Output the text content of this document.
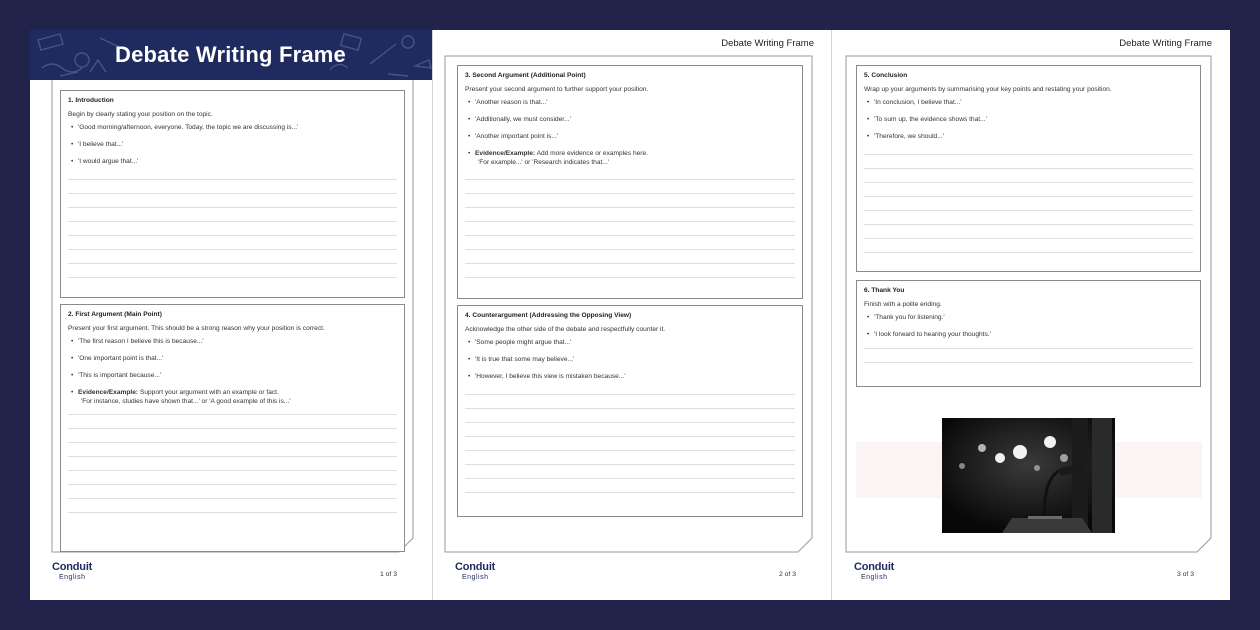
Debate Writing Frame
1. Introduction
Begin by clearly stating your position on the topic.
• 'Good morning/afternoon, everyone. Today, the topic we are discussing is...'
• 'I believe that...'
• 'I would argue that...'
2. First Argument (Main Point)
Present your first argument. This should be a strong reason why your position is correct.
• 'The first reason I believe this is because...'
• 'One important point is that...'
• 'This is important because...'
• Evidence/Example: Support your argument with an example or fact.
'For instance, studies have shown that...' or 'A good example of this is...'
Conduit
English	1 of 3
Debate Writing Frame
3. Second Argument (Additional Point)
Present your second argument to further support your position.
• 'Another reason is that...'
• 'Additionally, we must consider...'
• 'Another important point is...'
• Evidence/Example: Add more evidence or examples here.
'For example...' or 'Research indicates that...'
4. Counterargument (Addressing the Opposing View)
Acknowledge the other side of the debate and respectfully counter it.
• 'Some people might argue that...'
• 'It is true that some may believe...'
• 'However, I believe this view is mistaken because...'
Conduit
English	2 of 3
Debate Writing Frame
5. Conclusion
Wrap up your arguments by summarising your key points and restating your position.
• 'In conclusion, I believe that...'
• 'To sum up, the evidence shows that...'
• 'Therefore, we should...'
6. Thank You
Finish with a polite ending.
• 'Thank you for listening.'
• 'I look forward to hearing your thoughts.'
Conduit
English	3 of 3
